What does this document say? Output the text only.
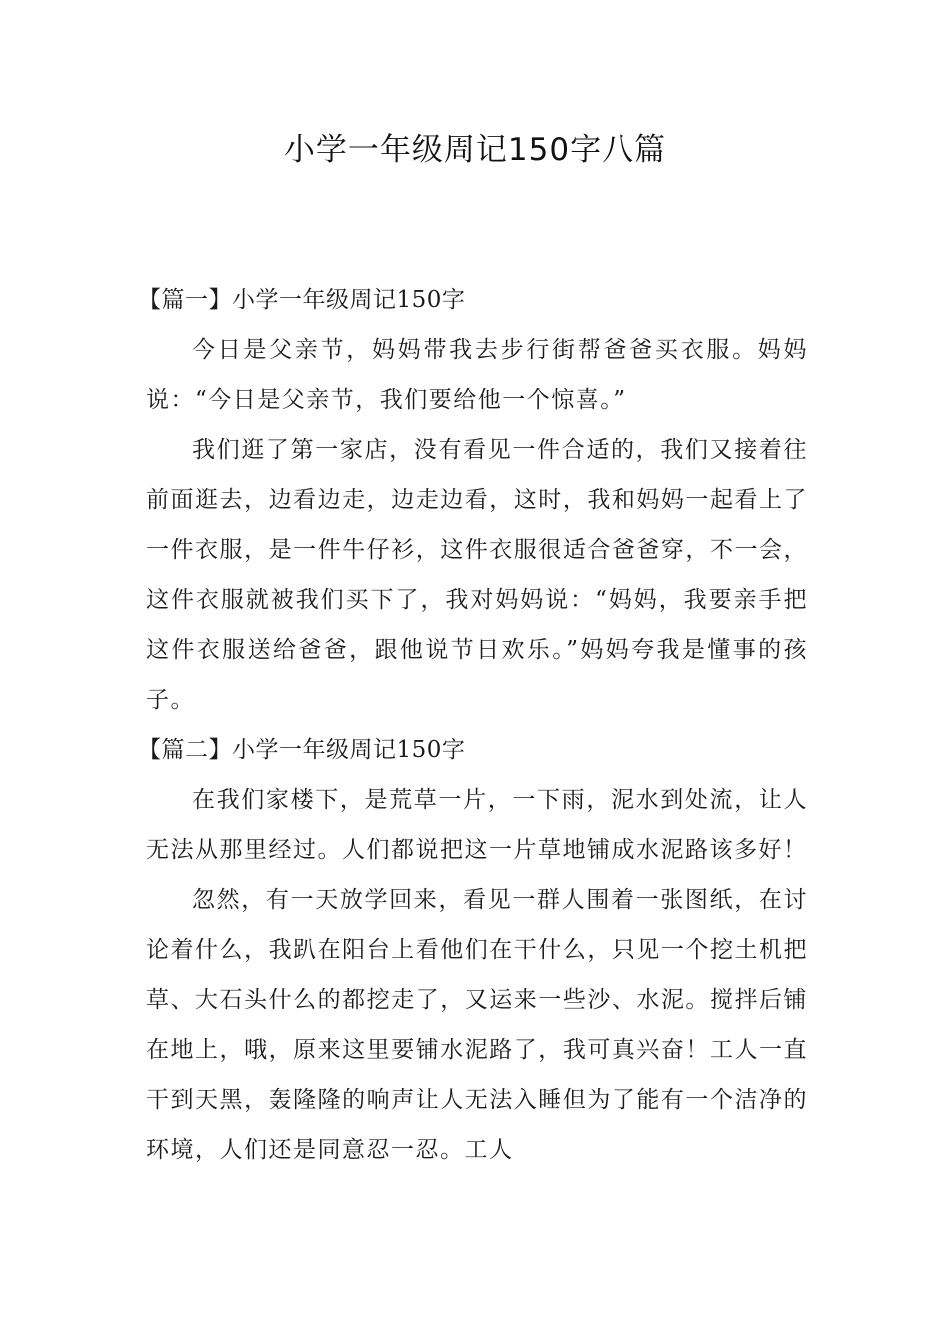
小学一年级周记150字八篇

【篇一】小学一年级周记150字

今日是父亲节，妈妈带我去步行街帮爸爸买衣服。妈妈说：“今日是父亲节，我们要给他一个惊喜。”

我们逛了第一家店，没有看见一件合适的，我们又接着往前面逛去，边看边走，边走边看，这时，我和妈妈一起看上了一件衣服，是一件牛仔衫，这件衣服很适合爸爸穿，不一会，这件衣服就被我们买下了，我对妈妈说：“妈妈，我要亲手把这件衣服送给爸爸，跟他说节日欢乐。”妈妈夸我是懂事的孩子。

【篇二】小学一年级周记150字

在我们家楼下，是荒草一片，一下雨，泥水到处流，让人无法从那里经过。人们都说把这一片草地铺成水泥路该多好！

忽然，有一天放学回来，看见一群人围着一张图纸，在讨论着什么，我趴在阳台上看他们在干什么，只见一个挖土机把草、大石头什么的都挖走了，又运来一些沙、水泥。搅拌后铺在地上，哦，原来这里要铺水泥路了，我可真兴奋！工人一直干到天黑，轰隆隆的响声让人无法入睡但为了能有一个洁净的环境，人们还是同意忍一忍。工人
